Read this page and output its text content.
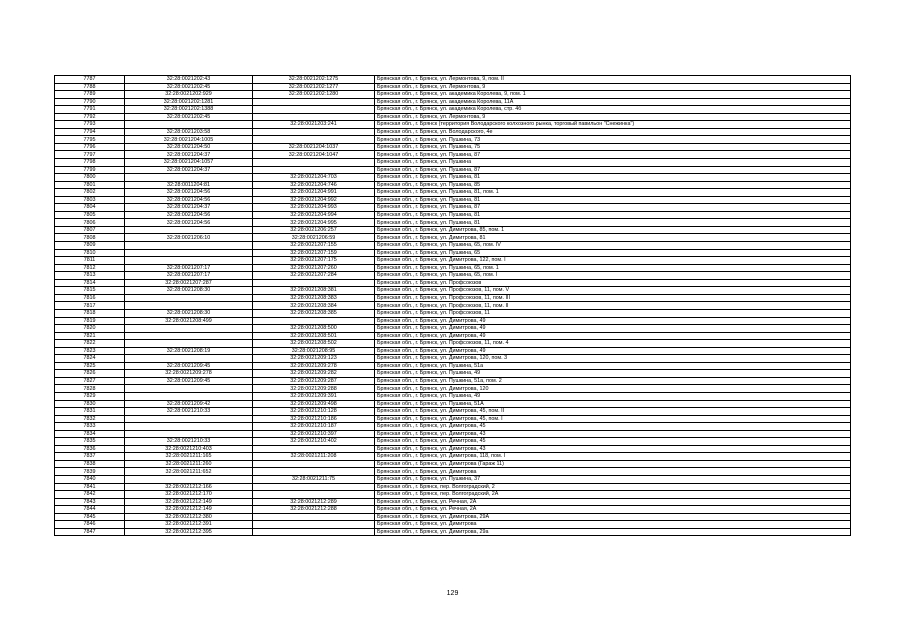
7787	32:28:0021202:43	32:28:0021202:1275	Брянская обл., г. Брянск, ул. Лермонтова, 9, пом. II
7788	32:28:0021202:45	32:28:0021202:1277	Брянская обл., г. Брянск, ул. Лермонтова, 9
7789	32:28:0021202:929	32:28:0021202:1280	Брянская обл., г. Брянск, ул. академика Королева, 9, пом. 1
7790	32:28:0021202:1281		Брянская обл., г. Брянск, ул. академика Королева, 11А
7791	32:28:0021202:1388		Брянская обл., г. Брянск, ул. академика Королева, стр. 4б
7792	32:28:0021202:45		Брянская обл., г. Брянск, ул. Лермонтова, 9
7793		32:28:0021203:241	Брянская обл., г. Брянск (территория Володарского колхозного рынка, торговый павильон "Снежинка")
7794	32:28:0021203:58		Брянская обл., г. Брянск, ул. Володарского, 4е
7795	32:28:0021204:1005		Брянская обл., г. Брянск, ул. Пушкина, 73
7796	32:28:0021204:50	32:28:0021204:1037	Брянская обл., г. Брянск, ул. Пушкина, 75
7797	32:28:0021204:37	32:28:0021204:1047	Брянская обл., г. Брянск, ул. Пушкина, 87
7798	32:28:0021204:1057		Брянская обл., г. Брянск, ул. Пушкина
7799	32:28:0021204:37		Брянская обл., г. Брянск, ул. Пушкина, 87
7800		32:28:0021204:703	Брянская обл., г. Брянск, ул. Пушкина, 81
7801	32:28:0011204:81	32:28:0021204:746	Брянская обл., г. Брянск, ул. Пушкина, 85
7802	32:28:0021204:56	32:28:0021204:991	Брянская обл., г. Брянск, ул. Пушкина, 81, пом. 1
7803	32:28:0021204:56	32:28:0021204:992	Брянская обл., г. Брянск, ул. Пушкина, 81
7804	32:28:0021204:37	32:28:0021204:993	Брянская обл., г. Брянск, ул. Пушкина, 87
7805	32:28:0021204:56	32:28:0021204:994	Брянская обл., г. Брянск, ул. Пушкина, 81
7806	32:28:0021204:56	32:28:0021204:995	Брянская обл., г. Брянск, ул. Пушкина, 81
7807		32:28:0021206:257	Брянская обл., г. Брянск, ул. Димитрова, 85, пом. 1
7808	32:28:0021206:10	32:28:0021206:59	Брянская обл., г. Брянск, ул. Димитрова, 81
7809		32:28:0021207:155	Брянская обл., г. Брянск, ул. Пушкина, 65, пом. IV
7810		32:28:0021207:159	Брянская обл., г. Брянск, ул. Пушкина, 65
7811		32:28:0021207:175	Брянская обл., г. Брянск, ул. Димитрова, 122, пом. I
7812	32:28:0021207:17	32:28:0021207:260	Брянская обл., г. Брянск, ул. Пушкина, 65, пом. 1
7813	32:28:0021207:17	32:28:0021207:284	Брянская обл., г. Брянск, ул. Пушкина, 65, пом. I
7814	32:28:0021207:287		Брянская обл., г. Брянск, ул. Профсоюзов
7815	32:28:0021208:30	32:28:0021208:381	Брянская обл., г. Брянск, ул. Профсоюзов, 11, пом. V
7816		32:28:0021208:383	Брянская обл., г. Брянск, ул. Профсоюзов, 11, пом. III
7817		32:28:0021208:384	Брянская обл., г. Брянск, ул. Профсоюзов, 11, пом. II
7818	32:28:0021208:30	32:28:0021208:385	Брянская обл., г. Брянск, ул. Профсоюзов, 11
7819	32:28:0021208:499		Брянская обл., г. Брянск, ул. Димитрова, 49
7820		32:28:0021208:500	Брянская обл., г. Брянск, ул. Димитрова, 49
7821		32:28:0021208:501	Брянская обл., г. Брянск, ул. Димитрова, 49
7822		32:28:0021208:502	Брянская обл., г. Брянск, ул. Профсоюзов, 11, пом. 4
7823	32:28:0021208:19	32:28:0021208:95	Брянская обл., г. Брянск, ул. Димитрова, 49
7824		32:28:0021209:123	Брянская обл., г. Брянск, ул. Димитрова, 120, пом. 3
7825	32:28:0021209:45	32:28:0021209:278	Брянская обл., г. Брянск, ул. Пушкина, 51а
7826	32:28:0021209:278	32:28:0021209:282	Брянская обл., г. Брянск, ул. Пушкина, 49
7827	32:28:0021209:45	32:28:0021209:287	Брянская обл., г. Брянск, ул. Пушкина, 51а, пом. 2
7828		32:28:0021209:288	Брянская обл., г. Брянск, ул. Димитрова, 120
7829		32:28:0021209:391	Брянская обл., г. Брянск, ул. Пушкина, 49
7830	32:28:0021209:42	32:28:0021209:498	Брянская обл., г. Брянск, ул. Пушкина, 51А
7831	32:28:0021210:33	32:28:0021210:128	Брянская обл., г. Брянск, ул. Димитрова, 45, пом. II
7832		32:28:0021210:186	Брянская обл., г. Брянск, ул. Димитрова, 45, пом. I
7833		32:28:0021210:187	Брянская обл., г. Брянск, ул. Димитрова, 45
7834		32:28:0021210:397	Брянская обл., г. Брянск, ул. Димитрова, 43
7835	32:28:0021210:33	32:28:0021210:402	Брянская обл., г. Брянск, ул. Димитрова, 45
7836	32:28:0021210:403		Брянская обл., г. Брянск, ул. Димитрова, 43
7837	32:28:0021211:165	32:28:0021211:208	Брянская обл., г. Брянск, ул. Димитрова, 118, пом. I
7838	32:28:0021211:260		Брянская обл., г. Брянск, ул. Димитрова (Гараж 11)
7839	32:28:0021211:652		Брянская обл., г. Брянск, ул. Димитрова
7840		32:28:0021211:75	Брянская обл., г. Брянск, ул. Пушкина, 37
7841	32:28:0021212:166		Брянская обл., г. Брянск, пер. Волгоградский, 2
7842	32:28:0021212:170		Брянская обл., г. Брянск, пер. Волгоградский, 2А
7843	32:28:0021212:149	32:28:0021212:289	Брянская обл., г. Брянск, ул. Речная, 2А
7844	32:28:0021212:149	32:28:0021212:288	Брянская обл., г. Брянск, ул. Речная, 2А
7845	32:28:0021212:380		Брянская обл., г. Брянск, ул. Димитрова, 29А
7846	32:28:0021212:391		Брянская обл., г. Брянск, ул. Димитрова
7847	32:28:0021212:395		Брянская обл., г. Брянск, ул. Димитрова, 29а
129
